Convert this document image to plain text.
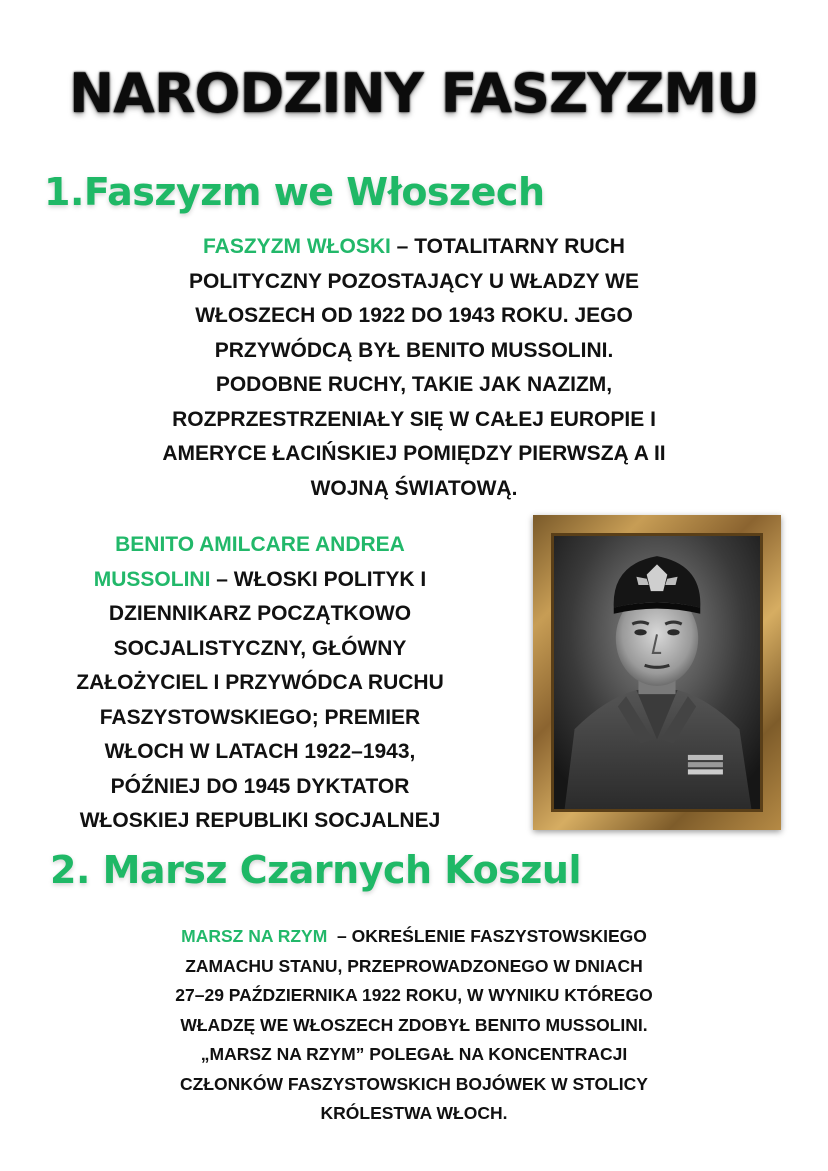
NARODZINY FASZYZMU
1.Faszyzm we Włoszech
FASZYZM WŁOSKI – TOTALITARNY RUCH
POLITYCZNY POZOSTAJĄCY U WŁADZY WE
WŁOSZECH OD 1922 DO 1943 ROKU. JEGO
PRZYWÓDCĄ BYŁ BENITO MUSSOLINI.
PODOBNE RUCHY, TAKIE JAK NAZIZM,
ROZPRZESTRZENIAŁY SIĘ W CAŁEJ EUROPIE I
AMERYCE ŁACIŃSKIEJ POMIĘDZY PIERWSZĄ A II
WOJNĄ ŚWIATOWĄ.
BENITO AMILCARE ANDREA
MUSSOLINI – WŁOSKI POLITYK I
DZIENNIKARZ POCZĄTKOWO
SOCJALISTYCZNY, GŁÓWNY
ZAŁOŻYCIEL I PRZYWÓDCA RUCHU
FASZYSTOWSKIEGO; PREMIER
WŁOCH W LATACH 1922–1943,
PÓŹNIEJ DO 1945 DYKTATOR
WŁOSKIEJ REPUBLIKI SOCJALNEJ
2. Marsz Czarnych Koszul
MARSZ NA RZYM  – OKREŚLENIE FASZYSTOWSKIEGO
ZAMACHU STANU, PRZEPROWADZONEGO W DNIACH
27–29 PAŹDZIERNIKA 1922 ROKU, W WYNIKU KTÓREGO
WŁADZĘ WE WŁOSZECH ZDOBYŁ BENITO MUSSOLINI.
„MARSZ NA RZYM” POLEGAŁ NA KONCENTRACJI
CZŁONKÓW FASZYSTOWSKICH BOJÓWEK W STOLICY
KRÓLESTWA WŁOCH.
